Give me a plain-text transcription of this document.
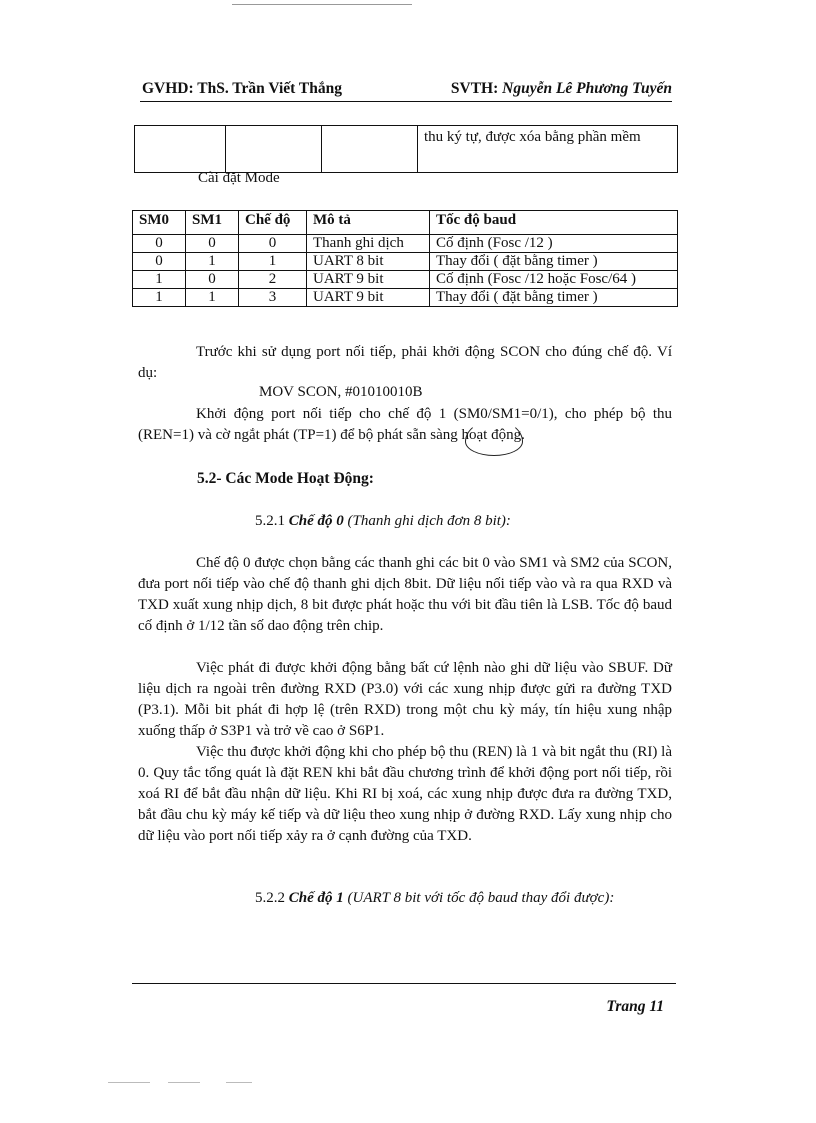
GVHD: ThS. Trần Viết Thắng	SVTH: Nguyễn Lê Phương Tuyến
			thu ký tự, được xóa bằng phần mềm
Cài đặt Mode
SM0	SM1	Chế độ	Mô tả	Tốc độ baud
0	0	0	Thanh ghi dịch	Cố định (Fosc /12 )
0	1	1	UART 8 bit	Thay đổi ( đặt bằng timer )
1	0	2	UART 9 bit	Cố định (Fosc /12 hoặc Fosc/64 )
1	1	3	UART 9 bit	Thay đổi ( đặt bằng timer )

Trước khi sử dụng port nối tiếp, phải khởi động SCON cho đúng chế độ. Ví dụ:

MOV SCON, #01010010B

Khởi động port nối tiếp cho chế độ 1 (SM0/SM1=0/1), cho phép bộ thu (REN=1) và cờ ngắt phát (TP=1) để bộ phát sẵn sàng hoạt động.

5.2- Các Mode Hoạt Động:
5.2.1 Chế độ 0 (Thanh ghi dịch đơn 8 bit):

Chế độ 0 được chọn bằng các thanh ghi các bit 0 vào SM1 và SM2 của SCON, đưa port nối tiếp vào chế độ thanh ghi dịch 8bit. Dữ liệu nối tiếp vào và ra qua RXD và TXD xuất xung nhịp dịch, 8 bit được phát hoặc thu với bit đầu tiên là LSB. Tốc độ baud cố định ở 1/12 tần số dao động trên chip.

Việc phát đi được khởi động bằng bất cứ lệnh nào ghi dữ liệu vào SBUF. Dữ liệu dịch ra ngoài trên đường RXD (P3.0) với các xung nhịp được gửi ra đường TXD (P3.1). Mỗi bit phát đi hợp lệ (trên RXD) trong một chu kỳ máy, tín hiệu xung nhập xuống thấp ở S3P1 và trở về cao ở S6P1.

Việc thu được khởi động khi cho phép bộ thu (REN) là 1 và bit ngắt thu (RI) là 0. Quy tắc tổng quát là đặt REN khi bắt đầu chương trình để khởi động port nối tiếp, rồi xoá RI để bắt đầu nhận dữ liệu. Khi RI bị xoá, các xung nhịp được đưa ra đường TXD, bắt đầu chu kỳ máy kế tiếp và dữ liệu theo xung nhịp ở đường RXD. Lấy xung nhịp cho dữ liệu vào port nối tiếp xảy ra ở cạnh đường của TXD.

5.2.2 Chế độ 1 (UART 8 bit với tốc độ baud thay đổi được):
Trang 11
